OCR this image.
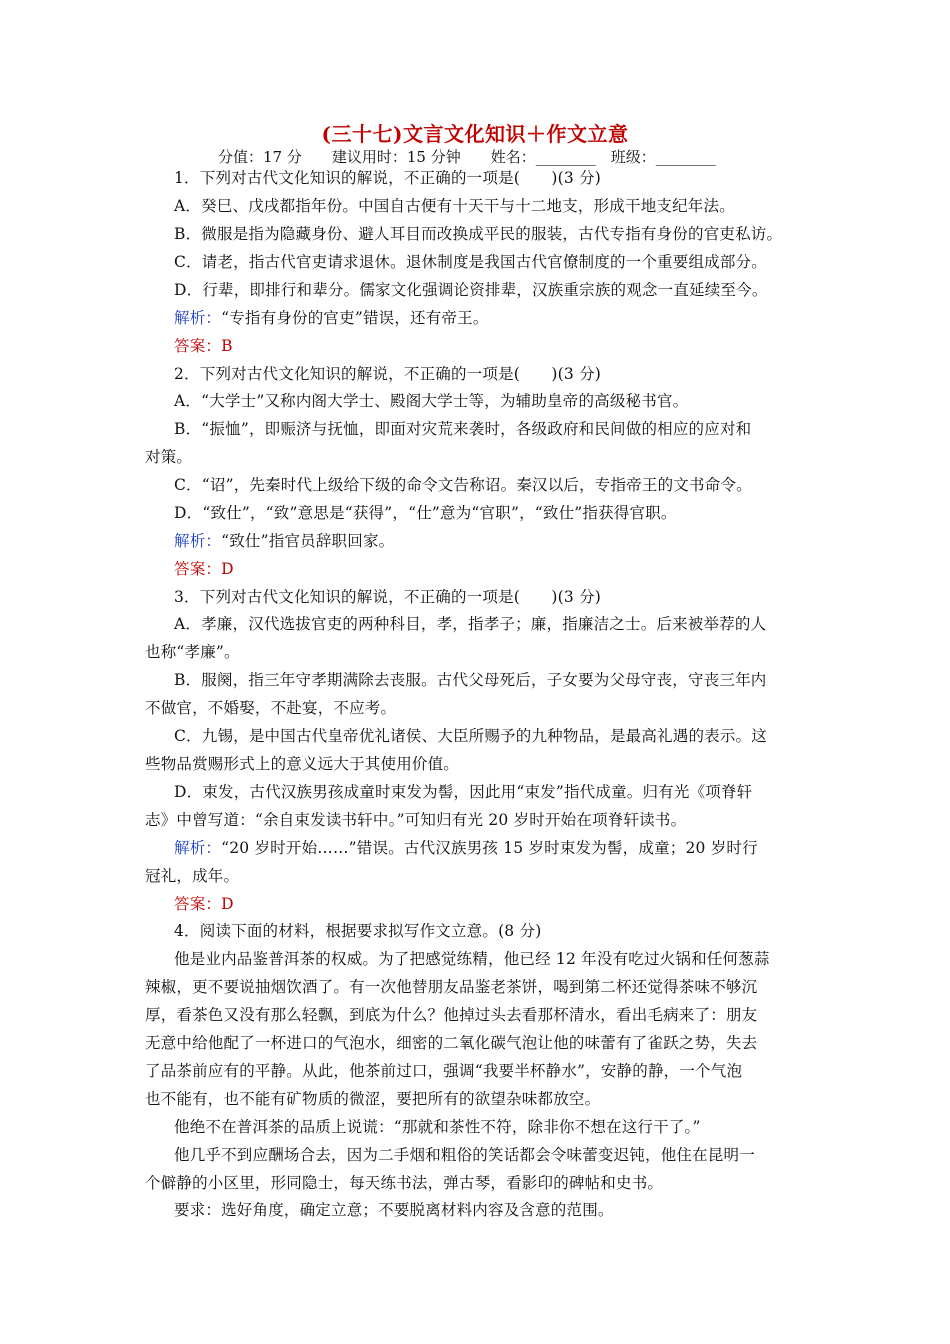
(三十七)文言文化知识＋作文立意
分值：17 分　　建议用时：15 分钟　　姓名：________　班级：________
1．下列对古代文化知识的解说，不正确的一项是(　　)(3 分)
A．癸巳、戊戌都指年份。中国自古便有十天干与十二地支，形成干地支纪年法。
B．微服是指为隐藏身份、避人耳目而改换成平民的服装，古代专指有身份的官吏私访。
C．请老，指古代官吏请求退休。退休制度是我国古代官僚制度的一个重要组成部分。
D．行辈，即排行和辈分。儒家文化强调论资排辈，汉族重宗族的观念一直延续至今。
解析：“专指有身份的官吏”错误，还有帝王。
答案：B
2．下列对古代文化知识的解说，不正确的一项是(　　)(3 分)
A．“大学士”又称内阁大学士、殿阁大学士等，为辅助皇帝的高级秘书官。
B．“振恤”，即赈济与抚恤，即面对灾荒来袭时，各级政府和民间做的相应的应对和
对策。
C．“诏”，先秦时代上级给下级的命令文告称诏。秦汉以后，专指帝王的文书命令。
D．“致仕”，“致”意思是“获得”，“仕”意为“官职”，“致仕”指获得官职。
解析：“致仕”指官员辞职回家。
答案：D
3．下列对古代文化知识的解说，不正确的一项是(　　)(3 分)
A．孝廉，汉代选拔官吏的两种科目，孝，指孝子；廉，指廉洁之士。后来被举荐的人
也称“孝廉”。
B．服阕，指三年守孝期满除去丧服。古代父母死后，子女要为父母守丧，守丧三年内
不做官，不婚娶，不赴宴，不应考。
C．九锡，是中国古代皇帝优礼诸侯、大臣所赐予的九种物品，是最高礼遇的表示。这
些物品赏赐形式上的意义远大于其使用价值。
D．束发，古代汉族男孩成童时束发为髻，因此用“束发”指代成童。归有光《项脊轩
志》中曾写道：“余自束发读书轩中。”可知归有光 20 岁时开始在项脊轩读书。
解析：“20 岁时开始……”错误。古代汉族男孩 15 岁时束发为髻，成童；20 岁时行
冠礼，成年。
答案：D
4．阅读下面的材料，根据要求拟写作文立意。(8 分)
他是业内品鉴普洱茶的权威。为了把感觉练精，他已经 12 年没有吃过火锅和任何葱蒜
辣椒，更不要说抽烟饮酒了。有一次他替朋友品鉴老茶饼，喝到第二杯还觉得茶味不够沉
厚，看茶色又没有那么轻飘，到底为什么？他掉过头去看那杯清水，看出毛病来了：朋友
无意中给他配了一杯进口的气泡水，细密的二氧化碳气泡让他的味蕾有了雀跃之势，失去
了品茶前应有的平静。从此，他茶前过口，强调“我要半杯静水”，安静的静，一个气泡
也不能有，也不能有矿物质的微涩，要把所有的欲望杂味都放空。
他绝不在普洱茶的品质上说谎：“那就和茶性不符，除非你不想在这行干了。”
他几乎不到应酬场合去，因为二手烟和粗俗的笑话都会令味蕾变迟钝，他住在昆明一
个僻静的小区里，形同隐士，每天练书法，弹古琴，看影印的碑帖和史书。
要求：选好角度，确定立意；不要脱离材料内容及含意的范围。
